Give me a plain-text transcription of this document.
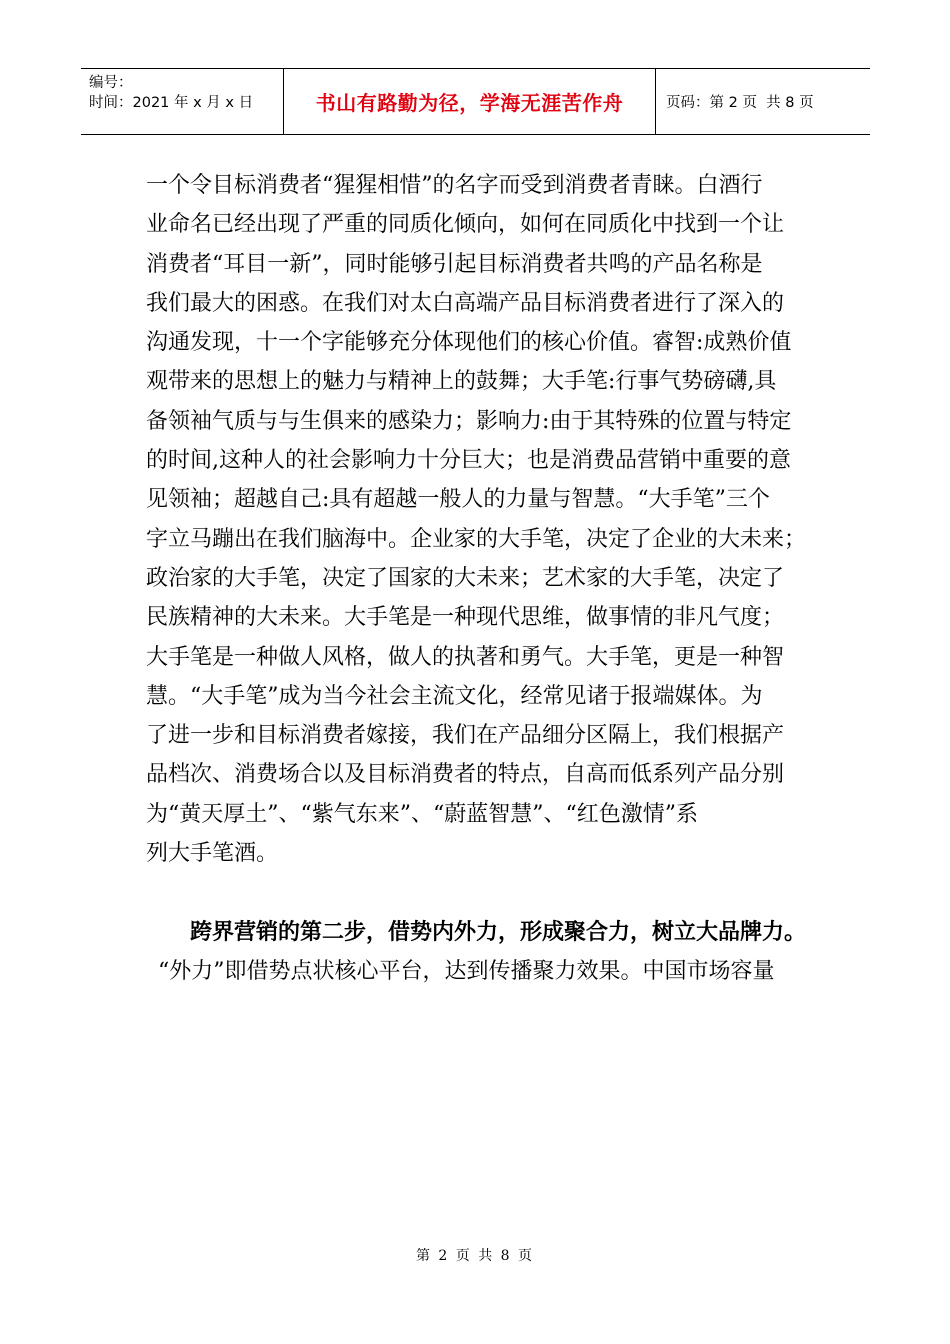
编号：
时间：2021 年 x 月 x 日	书山有路勤为径，学海无涯苦作舟	页码：第 2 页  共 8 页
一个令目标消费者“猩猩相惜”的名字而受到消费者青睐。白酒行
业命名已经出现了严重的同质化倾向，如何在同质化中找到一个让
消费者“耳目一新”，同时能够引起目标消费者共鸣的产品名称是
我们最大的困惑。在我们对太白高端产品目标消费者进行了深入的
沟通发现，十一个字能够充分体现他们的核心价值。睿智:成熟价值
观带来的思想上的魅力与精神上的鼓舞；大手笔:行事气势磅礴,具
备领袖气质与与生俱来的感染力；影响力:由于其特殊的位置与特定
的时间,这种人的社会影响力十分巨大；也是消费品营销中重要的意
见领袖；超越自己:具有超越一般人的力量与智慧。“大手笔”三个
字立马蹦出在我们脑海中。企业家的大手笔，决定了企业的大未来；
政治家的大手笔，决定了国家的大未来；艺术家的大手笔，决定了
民族精神的大未来。大手笔是一种现代思维，做事情的非凡气度；
大手笔是一种做人风格，做人的执著和勇气。大手笔，更是一种智
慧。“大手笔”成为当今社会主流文化，经常见诸于报端媒体。为
了进一步和目标消费者嫁接，我们在产品细分区隔上，我们根据产
品档次、消费场合以及目标消费者的特点，自高而低系列产品分别
为“黄天厚土”、“紫气东来”、“蔚蓝智慧”、“红色激情”系
列大手笔酒。
跨界营销的第二步，借势内外力，形成聚合力，树立大品牌力。
“外力”即借势点状核心平台，达到传播聚力效果。中国市场容量
第 2 页 共 8 页
